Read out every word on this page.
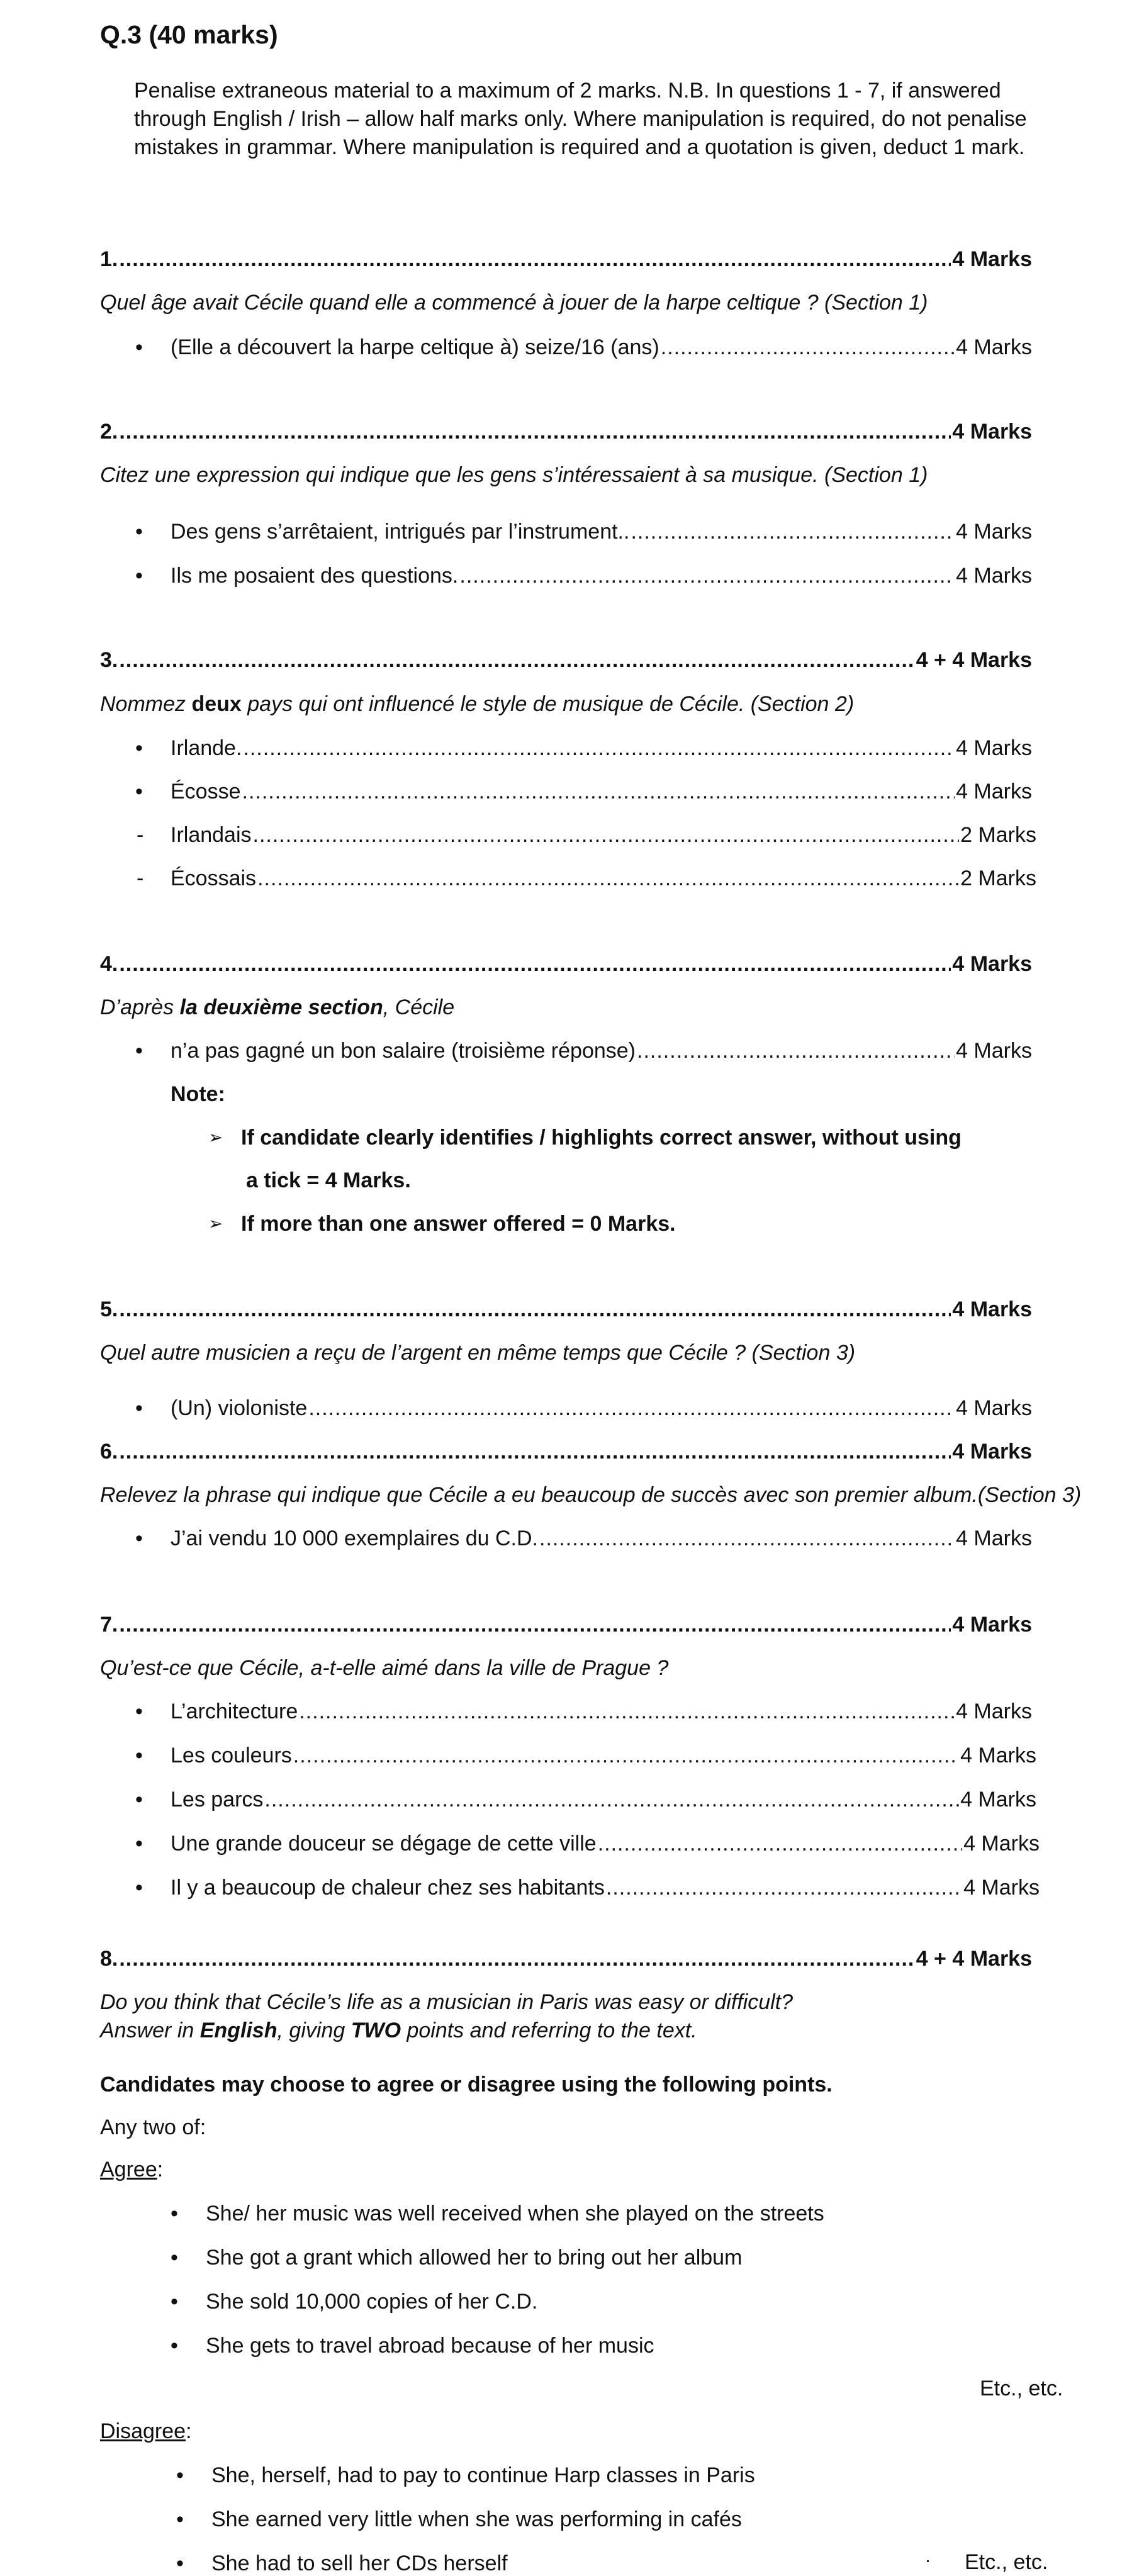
Q.3 (40 marks)
Penalise extraneous material to a maximum of 2 marks. N.B. In questions 1 - 7, if answered through English / Irish – allow half marks only. Where manipulation is required, do not penalise mistakes in grammar. Where manipulation is required and a quotation is given, deduct 1 mark.
1. .....	4 Marks
Quel âge avait Cécile quand elle a commencé à jouer de la harpe celtique ? (Section 1)
• (Elle a découvert la harpe celtique à) seize/16 (ans) .....	4 Marks
2. .....	4 Marks
Citez une expression qui indique que les gens s’intéressaient à sa musique. (Section 1)
• Des gens s’arrêtaient, intrigués par l’instrument.. .....	4 Marks
• Ils me posaient des questions. .....	4 Marks
3. .....	4 + 4 Marks
Nommez deux pays qui ont influencé le style de musique de Cécile. (Section 2)
• Irlande. .....	4 Marks
• Écosse .....	4 Marks
- Irlandais .....	2 Marks
- Écossais .....	2 Marks
4. .....	4 Marks
D’après la deuxième section, Cécile
• n’a pas gagné un bon salaire (troisième réponse) .....	4 Marks
Note:
➢ If candidate clearly identifies / highlights correct answer, without using
a tick = 4 Marks.
➢ If more than one answer offered = 0 Marks.
5. .....	4 Marks
Quel autre musicien a reçu de l’argent en même temps que Cécile ? (Section 3)
• (Un) violoniste .....	4 Marks
6. .....	4 Marks
Relevez la phrase qui indique que Cécile a eu beaucoup de succès avec son premier album.(Section 3)
• J’ai vendu 10 000 exemplaires du C.D. .....	4 Marks
7. .....	4 Marks
Qu’est-ce que Cécile, a-t-elle aimé dans la ville de Prague ?
• L’architecture .....	4 Marks
• Les couleurs .....	4 Marks
• Les parcs .....	4 Marks
• Une grande douceur se dégage de cette ville .....	4 Marks
• Il y a beaucoup de chaleur chez ses habitants .....	4 Marks
8. .....	4 + 4 Marks
Do you think that Cécile’s life as a musician in Paris was easy or difficult?
Answer in English, giving TWO points and referring to the text.
Candidates may choose to agree or disagree using the following points.
Any two of:
Agree:
• She/ her music was well received when she played on the streets
• She got a grant which allowed her to bring out her album
• She sold 10,000 copies of her C.D.
• She gets to travel abroad because of her music
Etc., etc.
Disagree:
• She, herself, had to pay to continue Harp classes in Paris
• She earned very little when she was performing in cafés
• She had to sell her CDs herself	Etc., etc.
